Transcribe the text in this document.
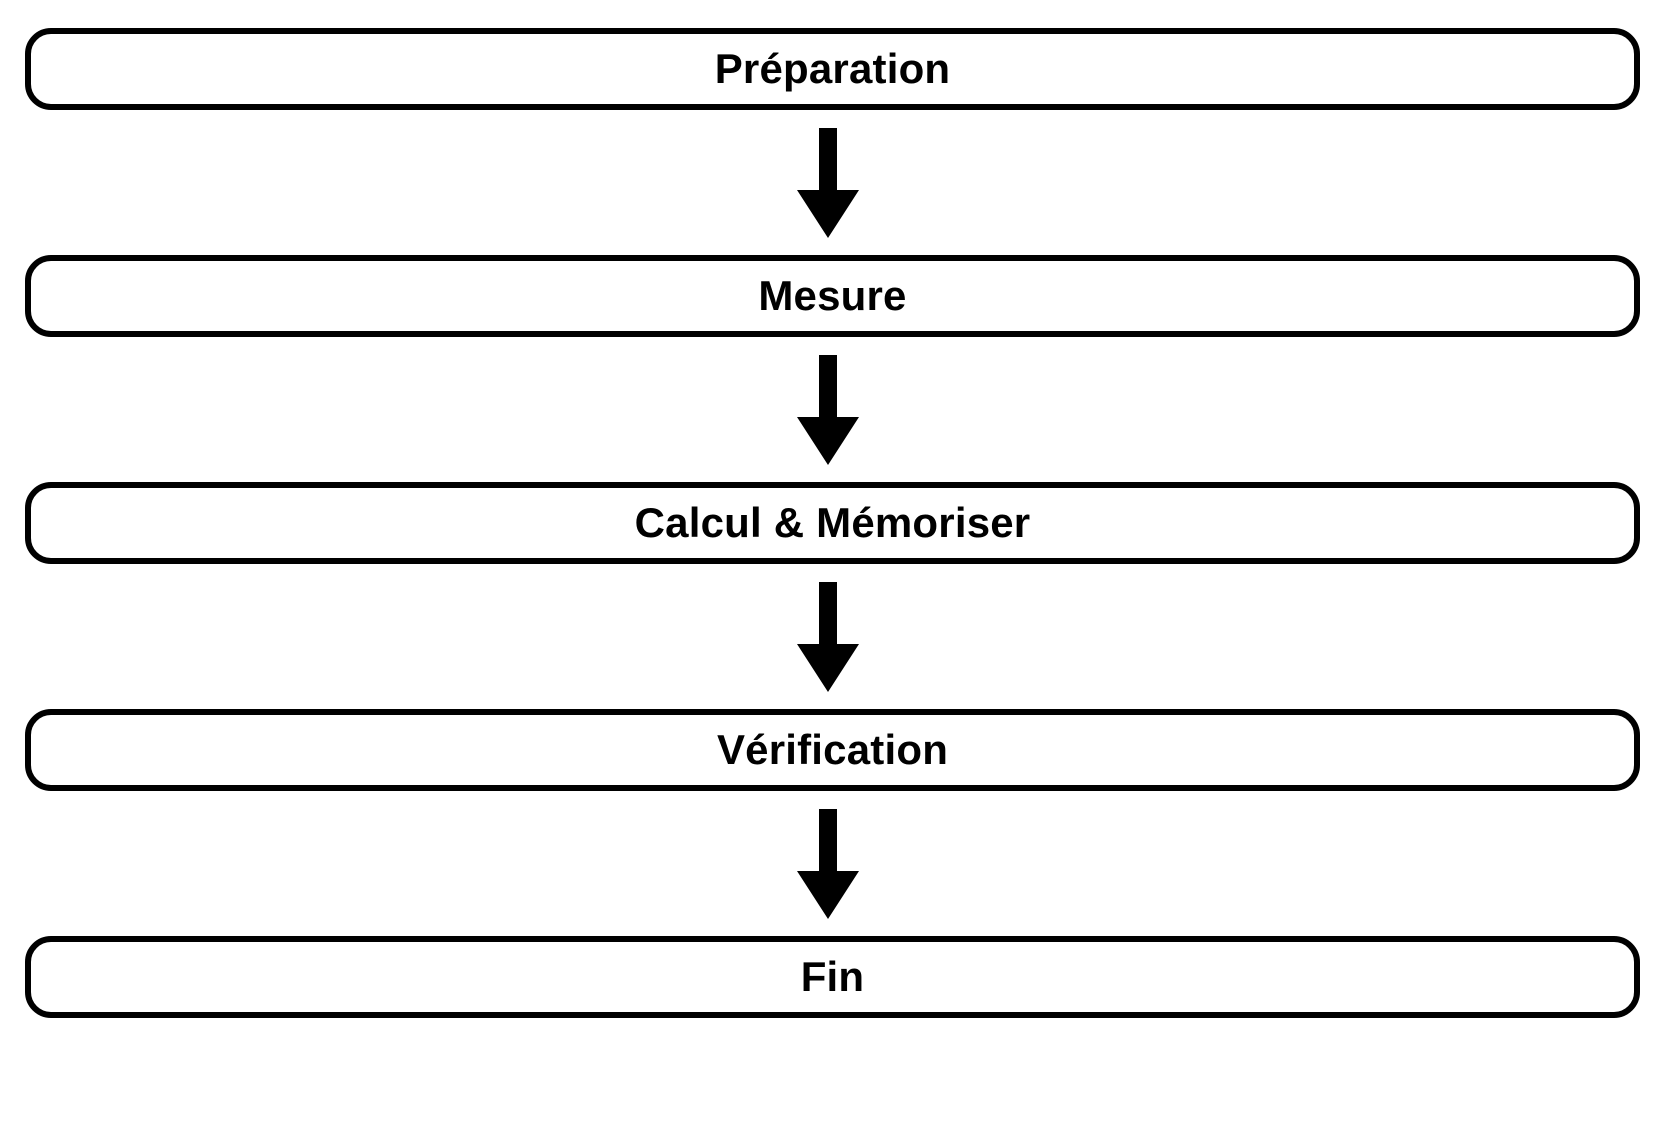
Préparation
Mesure
Calcul & Mémoriser
Vérification
Fin
